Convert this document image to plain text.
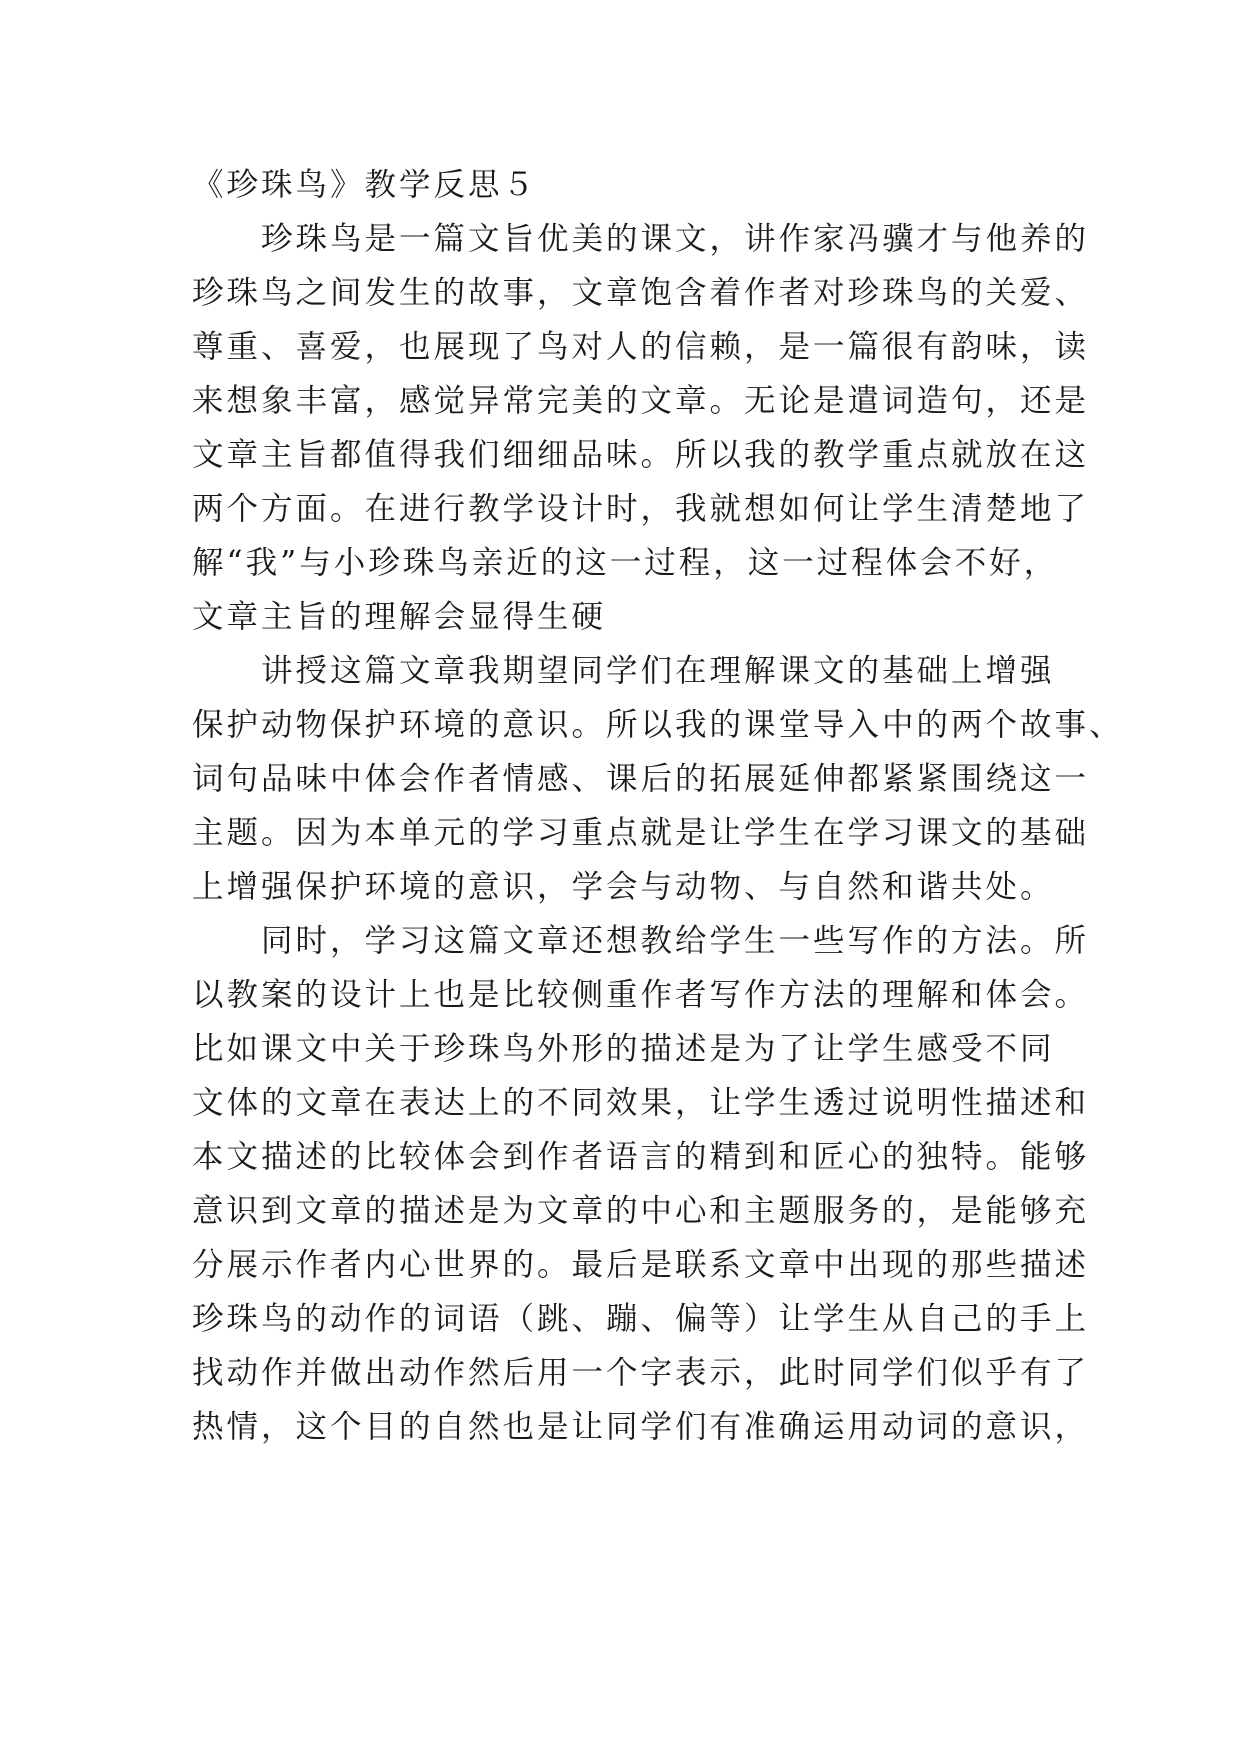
《珍珠鸟》教学反思５
　　珍珠鸟是一篇文旨优美的课文，讲作家冯骥才与他养的
珍珠鸟之间发生的故事，文章饱含着作者对珍珠鸟的关爱、
尊重、喜爱，也展现了鸟对人的信赖，是一篇很有韵味，读
来想象丰富，感觉异常完美的文章。无论是遣词造句，还是
文章主旨都值得我们细细品味。所以我的教学重点就放在这
两个方面。在进行教学设计时，我就想如何让学生清楚地了
解“我”与小珍珠鸟亲近的这一过程，这一过程体会不好，
文章主旨的理解会显得生硬
　　讲授这篇文章我期望同学们在理解课文的基础上增强
保护动物保护环境的意识。所以我的课堂导入中的两个故事、
词句品味中体会作者情感、课后的拓展延伸都紧紧围绕这一
主题。因为本单元的学习重点就是让学生在学习课文的基础
上增强保护环境的意识，学会与动物、与自然和谐共处。
　　同时，学习这篇文章还想教给学生一些写作的方法。所
以教案的设计上也是比较侧重作者写作方法的理解和体会。
比如课文中关于珍珠鸟外形的描述是为了让学生感受不同
文体的文章在表达上的不同效果，让学生透过说明性描述和
本文描述的比较体会到作者语言的精到和匠心的独特。能够
意识到文章的描述是为文章的中心和主题服务的，是能够充
分展示作者内心世界的。最后是联系文章中出现的那些描述
珍珠鸟的动作的词语（跳、蹦、偏等）让学生从自己的手上
找动作并做出动作然后用一个字表示，此时同学们似乎有了
热情，这个目的自然也是让同学们有准确运用动词的意识，
